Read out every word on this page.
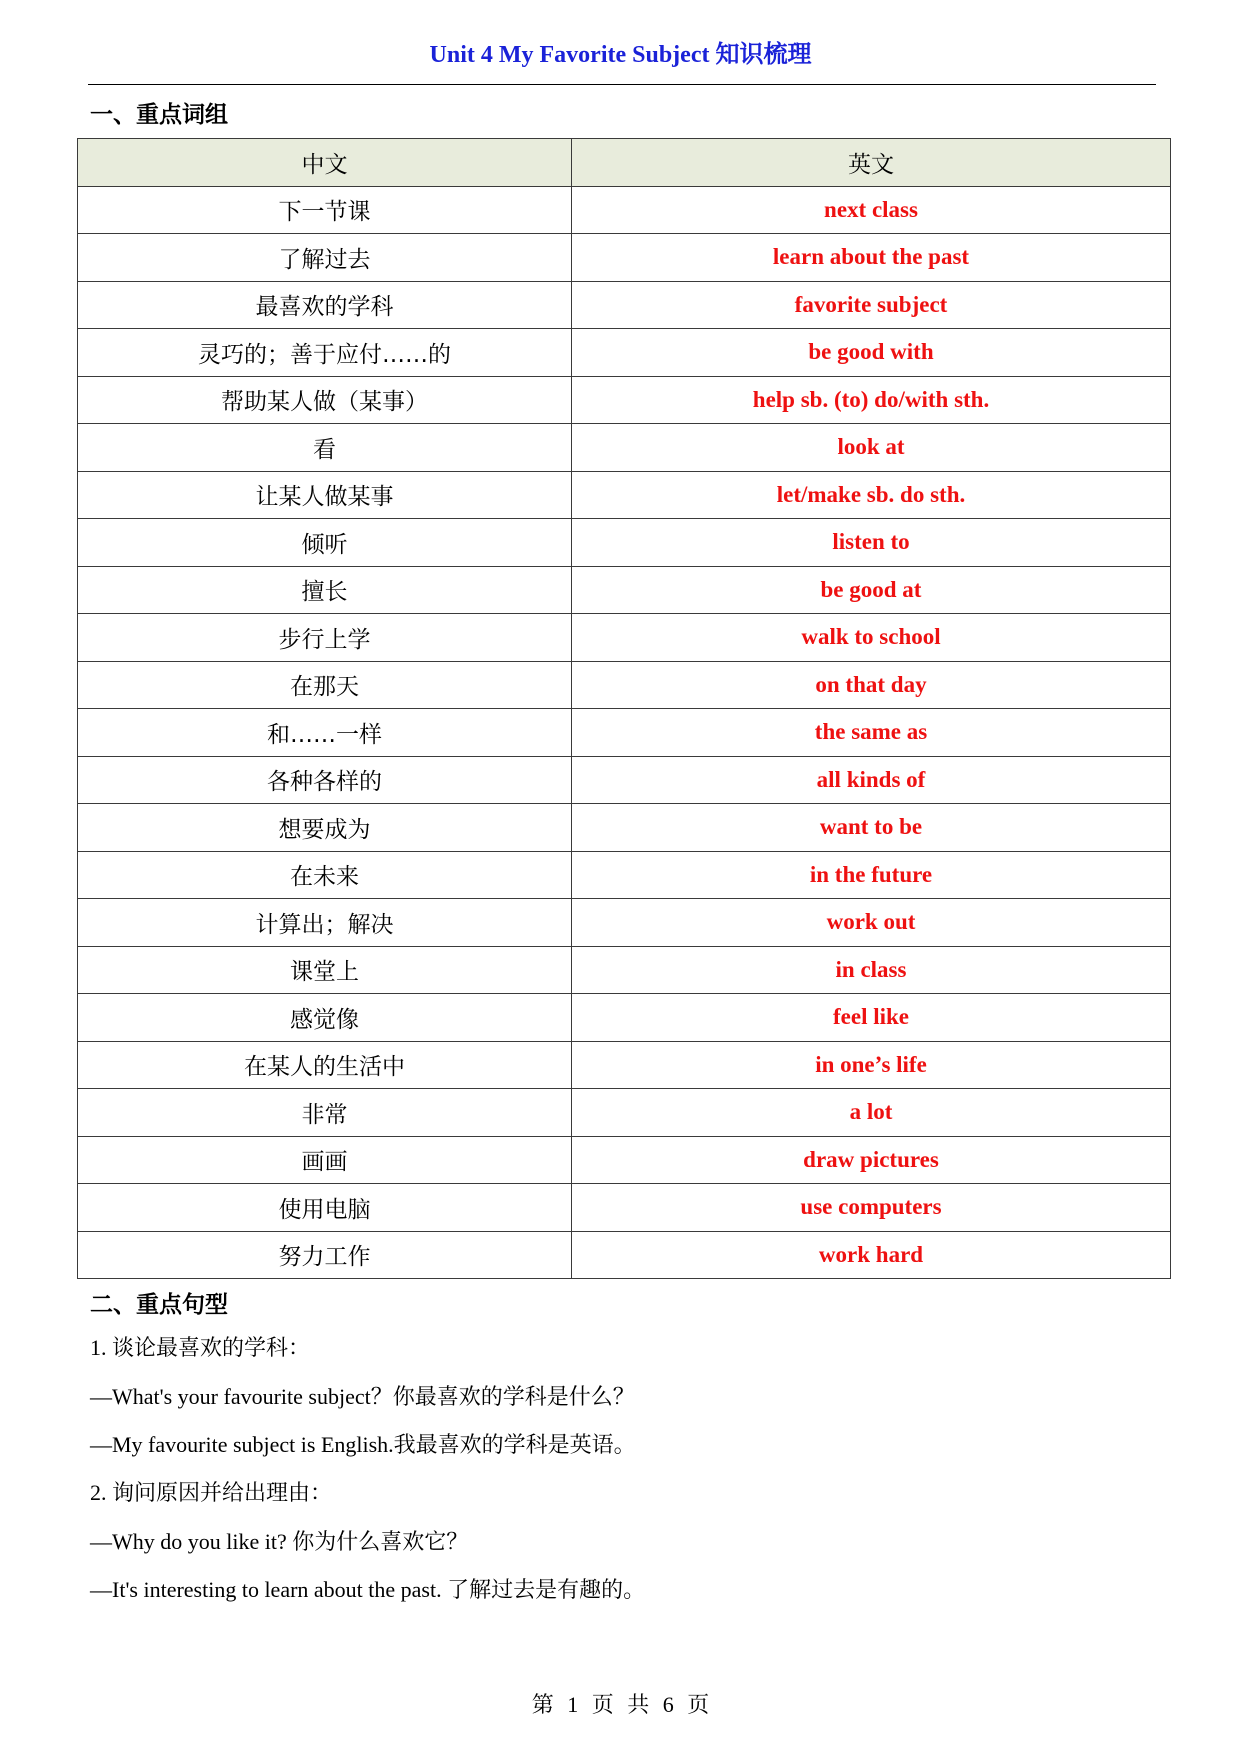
Unit 4 My Favorite Subject 知识梳理
一、重点词组
中文	英文
下一节课	next class
了解过去	learn about the past
最喜欢的学科	favorite subject
灵巧的；善于应付……的	be good with
帮助某人做（某事）	help sb. (to) do/with sth.
看	look at
让某人做某事	let/make sb. do sth.
倾听	listen to
擅长	be good at
步行上学	walk to school
在那天	on that day
和……一样	the same as
各种各样的	all kinds of
想要成为	want to be
在未来	in the future
计算出；解决	work out
课堂上	in class
感觉像	feel like
在某人的生活中	in one’s life
非常	a lot
画画	draw pictures
使用电脑	use computers
努力工作	work hard
二、重点句型
1. 谈论最喜欢的学科：
—What's your favourite subject？你最喜欢的学科是什么？
—My favourite subject is English.我最喜欢的学科是英语。
2. 询问原因并给出理由：
—Why do you like it? 你为什么喜欢它？
—It's interesting to learn about the past. 了解过去是有趣的。
第 1 页 共 6 页
